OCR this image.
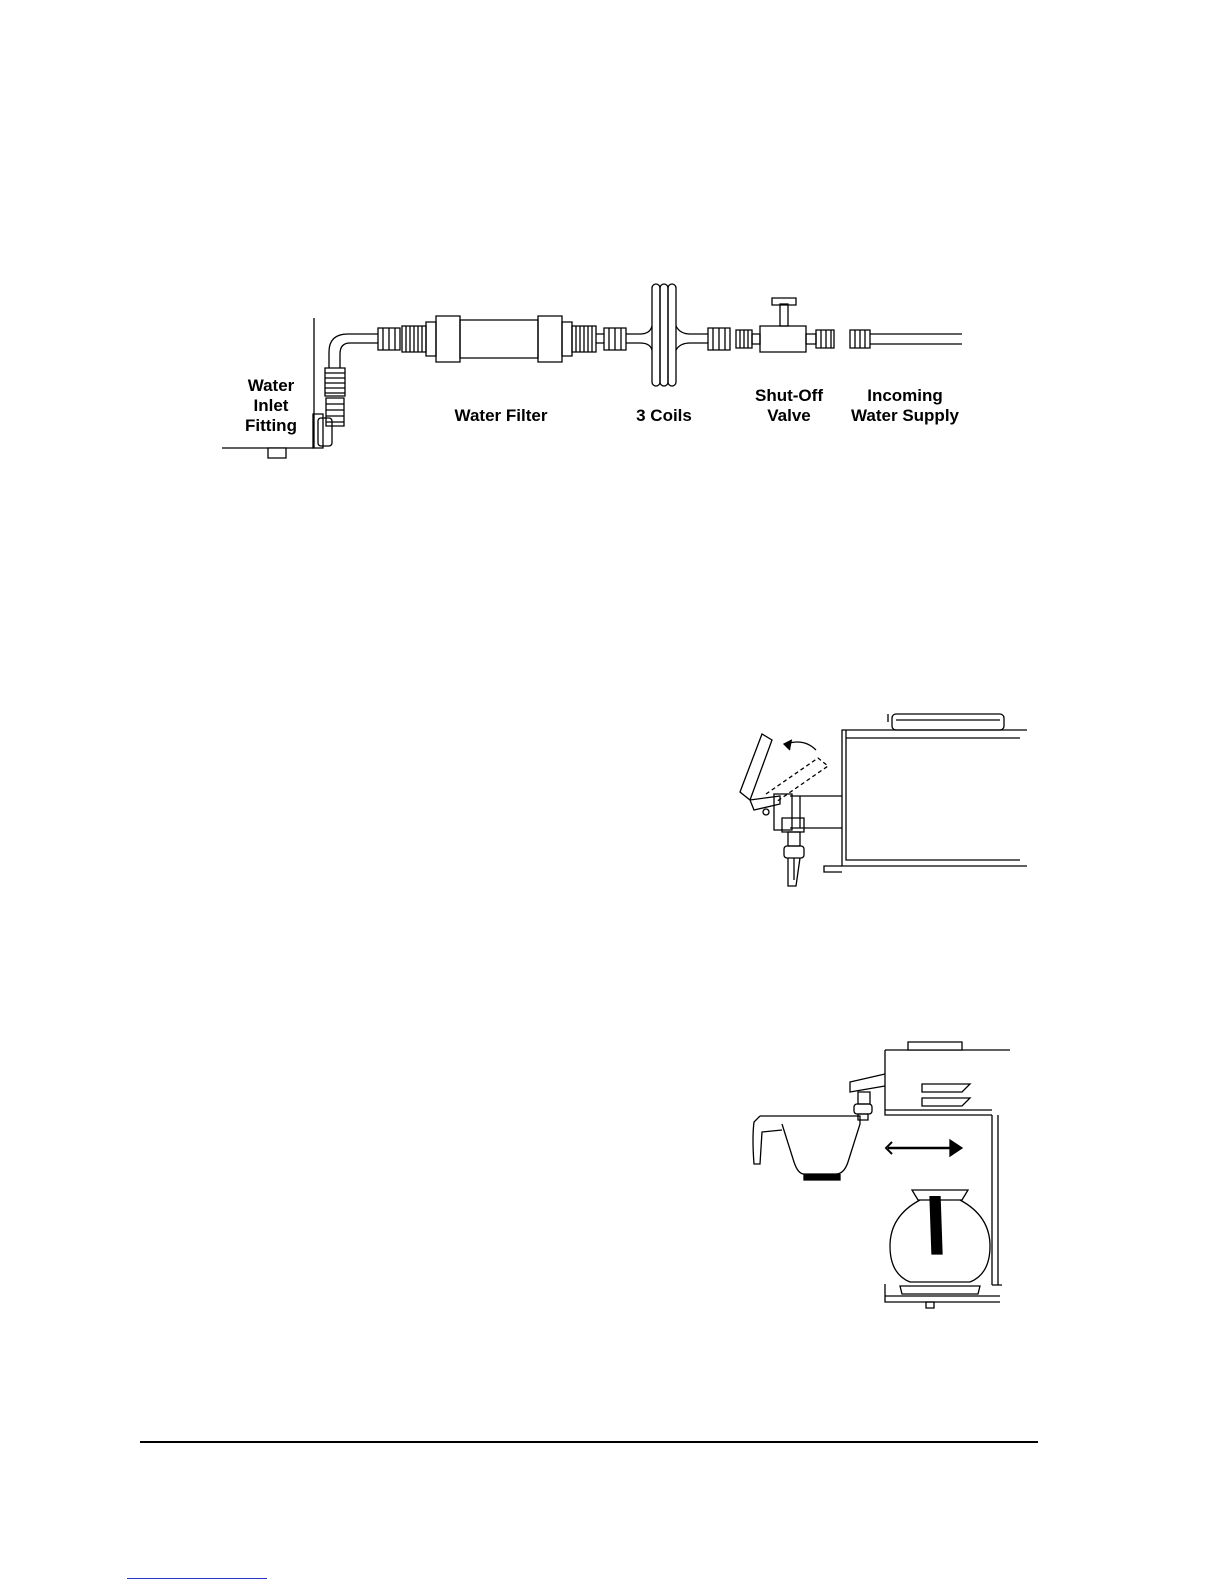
Water
Inlet
Fitting
Water Filter	3 Coils
Shut-Off
Valve
Incoming
Water Supply
